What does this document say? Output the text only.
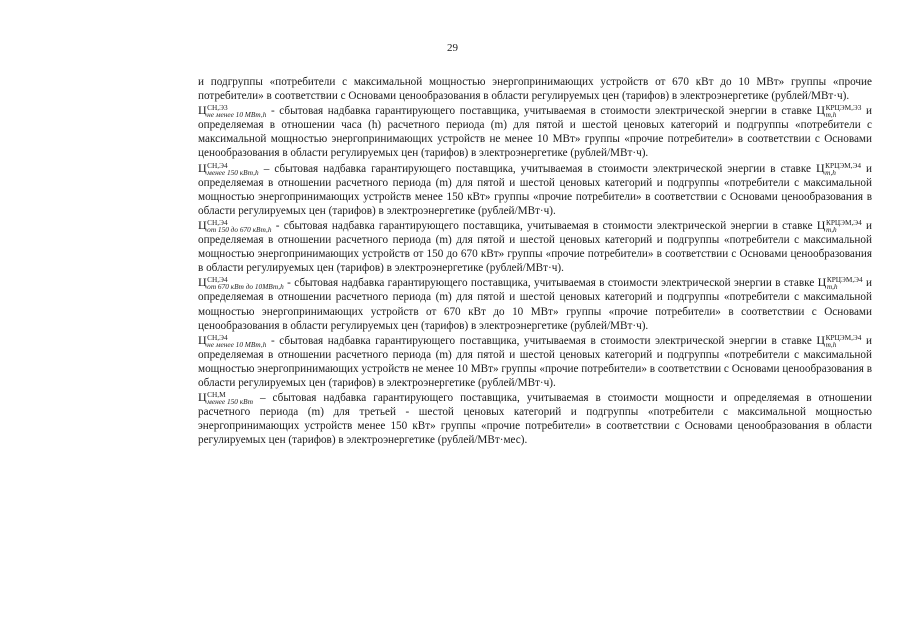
29

и подгруппы «потребители с максимальной мощностью энергопринимающих устройств от 670 кВт до 10 МВт» группы «прочие потребители» в соответствии с Основами ценообразования в области регулируемых цен (тарифов) в электроэнергетике (рублей/МВт·ч).

Ц СН,Э3
не менее 10 МВт,h - сбытовая надбавка гарантирующего поставщика, учитываемая в стоимости электрической энергии в ставке Ц КРЦЭМ,Э3
m,h	и определяемая в отношении часа (h) расчетного периода (m) для пятой и шестой ценовых категорий и подгруппы «потребители с максимальной мощностью энергопринимающих устройств не менее 10 МВт» группы «прочие потребители» в соответствии с Основами ценообразования в области регулируемых цен (тарифов) в электроэнергетике (рублей/МВт·ч).

Ц СН,Э4
менее 150 кВт,h – сбытовая надбавка гарантирующего поставщика, учитываемая в стоимости электрической энергии в ставке Ц КРЦЭМ,Э4
m,h	и определяемая в отношении расчетного периода (m) для пятой и шестой ценовых категорий и подгруппы «потребители с максимальной мощностью энергопринимающих устройств менее 150 кВт» группы «прочие потребители» в соответствии с Основами ценообразования в области регулируемых цен (тарифов) в электроэнергетике (рублей/МВт·ч).

Ц СН,Э4
от 150 до 670 кВт,h - сбытовая надбавка гарантирующего поставщика, учитываемая в стоимости электрической энергии в ставке Ц КРЦЭМ,Э4
m,h	и определяемая в отношении расчетного периода (m) для пятой и шестой ценовых категорий и подгруппы «потребители с максимальной мощностью энергопринимающих устройств от 150 до 670 кВт» группы «прочие потребители» в соответствии с Основами ценообразования в области регулируемых цен (тарифов) в электроэнергетике (рублей/МВт·ч).

Ц СН,Э4
от 670 кВт до 10МВт,h - сбытовая надбавка гарантирующего поставщика, учитываемая в стоимости электрической энергии в ставке Ц КРЦЭМ,Э4
m,h	и определяемая в отношении расчетного периода (m) для пятой и шестой ценовых категорий и подгруппы «потребители с максимальной мощностью энергопринимающих устройств от 670 кВт до 10 МВт» группы «прочие потребители» в соответствии с Основами ценообразования в области регулируемых цен (тарифов) в электроэнергетике (рублей/МВт·ч).

Ц СН,Э4
не менее 10 МВт,h - сбытовая надбавка гарантирующего поставщика, учитываемая в стоимости электрической энергии в ставке Ц КРЦЭМ,Э4
m,h	и определяемая в отношении расчетного периода (m) для пятой и шестой ценовых категорий и подгруппы «потребители с максимальной мощностью энергопринимающих устройств не менее 10 МВт» группы «прочие потребители» в соответствии с Основами ценообразования в области регулируемых цен (тарифов) в электроэнергетике (рублей/МВт·ч).

Ц СН,М
менее 150 кВт – сбытовая надбавка гарантирующего поставщика, учитываемая в стоимости мощности и определяемая в отношении расчетного периода (m) для третьей - шестой ценовых категорий и подгруппы «потребители с максимальной мощностью энергопринимающих устройств менее 150 кВт» группы «прочие потребители» в соответствии с Основами ценообразования в области регулируемых цен (тарифов) в электроэнергетике (рублей/МВт·мес).
